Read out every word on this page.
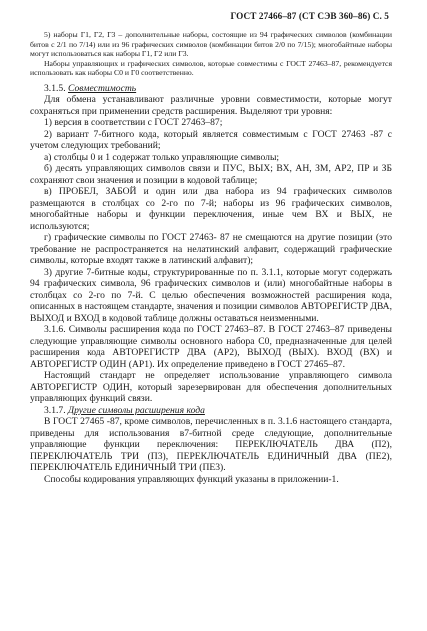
ГОСТ 27466–87 (СТ СЭВ 360–86) С. 5

5) наборы Г1, Г2, Г3 – дополнительные наборы, состоящие из 94 графических символов (комбинации битов с 2/1 по 7/14) или из 96 графических символов (комбинации битов 2/0 по 7/15); многобайтные наборы могут использоваться как наборы Г1, Г2 или Г3.

Наборы управляющих и графических символов, которые совместимы с ГОСТ 27463–87, рекомендуется использовать как наборы С0 и Г0 соответственно.

3.1.5. Совместимость

Для обмена устанавливают различные уровни совместимости, которые могут сохраняться при применении средств расширения. Выделяют три уровня:

1) версия в соответствии с ГОСТ 27463–87;

2) вариант 7-битного кода, который является совместимым с ГОСТ 27463 -87 с учетом следующих требований;

а) столбцы 0 и 1 содержат только управляющие символы;

б) десять управляющих символов связи и ПУС, ВЫХ; ВХ, АН, ЗМ, АР2, ПР и ЗБ сохраняют свои значения и позиции в кодовой таблице;

в) ПРОБЕЛ, ЗАБОЙ и один или два набора из 94 графических символов размещаются в столбцах со 2-го по 7-й; наборы из 96 графических символов, многобайтные наборы и функции переключения, иные чем ВХ и ВЫХ, не используются;

г) графические символы по ГОСТ 27463- 87 не смещаются на другие позиции (это требование не распространяется на нелатинский алфавит, содержащий графические символы, которые входят также в латинский алфавит);

3) другие 7-битные коды, структурированные по п. 3.1.1, которые могут содержать 94 графических символа, 96 графических символов и (или) многобайтные наборы в столбцах со 2-го по 7-й. С целью обеспечения возможностей расширения кода, описанных в настоящем стандарте, значения и позиции символов АВТОРЕГИСТР ДВА, ВЫХОД и ВХОД в кодовой таблице должны оставаться неизменными.

3.1.6. Символы расширения кода по ГОСТ 27463–87. В ГОСТ 27463–87 приведены следующие управляющие символы основного набора С0, предназначенные для целей расширения кода АВТОРЕГИСТР ДВА (АР2), ВЫХОД (ВЫХ). ВХОД (ВХ) и АВТОРЕГИСТР ОДИН (АР1). Их определение приведено в ГОСТ 27465–87.

Настоящий стандарт не определяет использование управляющего символа АВТОРЕГИСТР ОДИН, который зарезервирован для обеспечения дополнительных управляющих функций связи.

3.1.7. Другие символы расширения кода

В ГОСТ 27465 -87, кроме символов, перечисленных в п. 3.1.6 настоящего стандарта, приведены для использования в7-битной среде следующие, дополнительные управляющие функции переключения: ПЕРЕКЛЮЧАТЕЛЬ ДВА (П2), ПЕРЕКЛЮЧАТЕЛЬ ТРИ (П3), ПЕРЕКЛЮЧАТЕЛЬ ЕДИНИЧНЫЙ ДВА (ПЕ2), ПЕРЕКЛЮЧАТЕЛЬ ЕДИНИЧНЫЙ ТРИ (ПЕ3).

Способы кодирования управляющих функций указаны в приложении-1.
